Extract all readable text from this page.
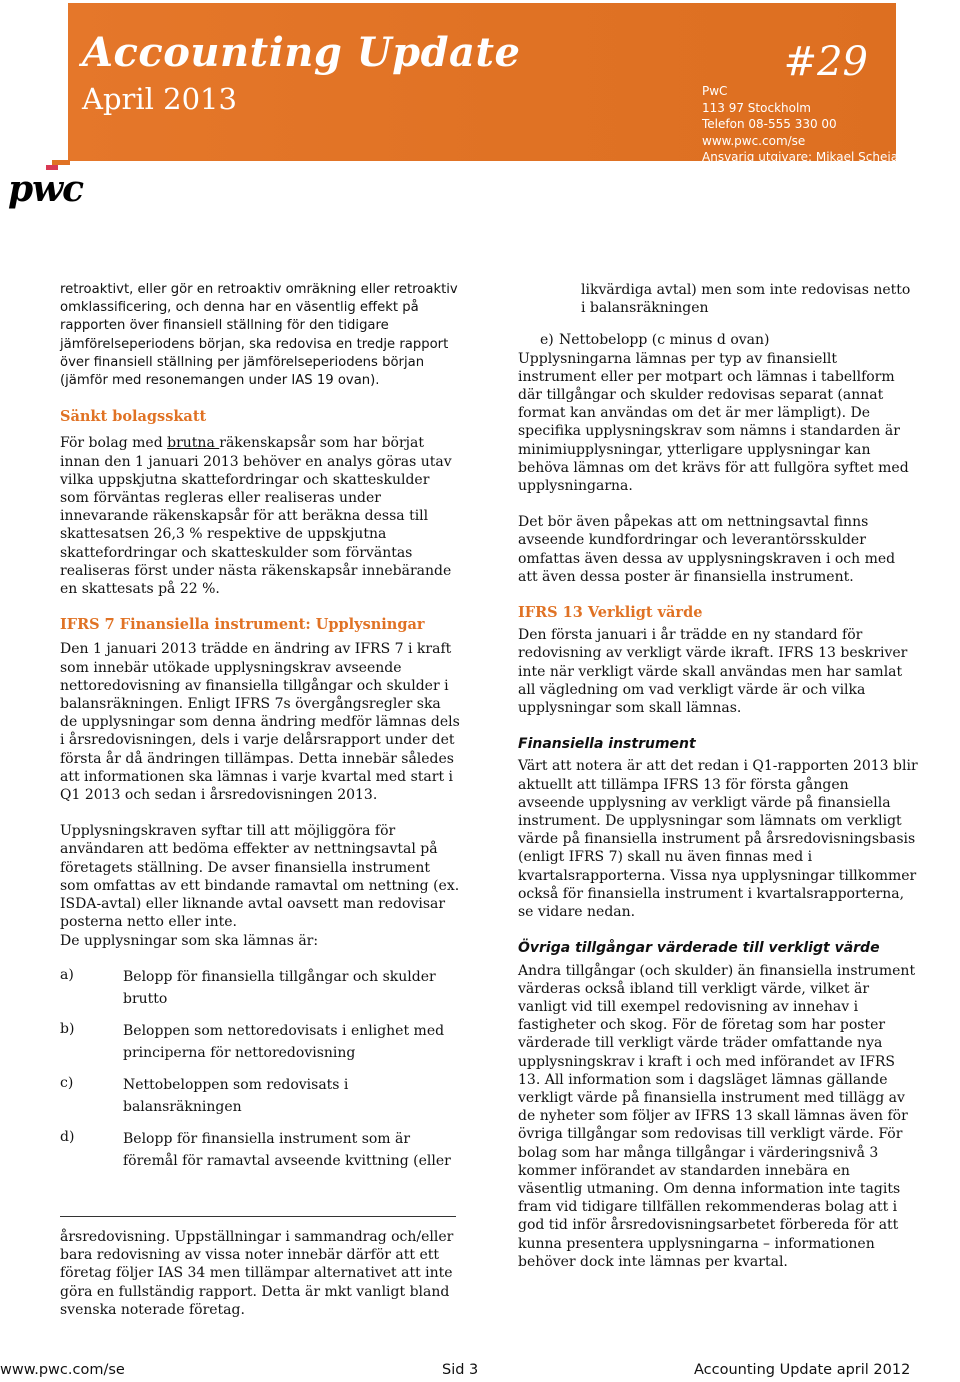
Accounting Update
April 2013
#29
PwC
113 97 Stockholm
Telefon 08-555 330 00
www.pwc.com/se
Ansvarig utgivare: Mikael Scheja
pwc

retroaktivt, eller gör en retroaktiv omräkning eller retroaktiv omklassificering, och denna har en väsentlig effekt på rapporten över finansiell ställning för den tidigare jämförelseperiodens början, ska redovisa en tredje rapport över finansiell ställning per jämförelseperiodens början (jämför med resonemangen under IAS 19 ovan).

Sänkt bolagsskatt

För bolag med brutna räkenskapsår som har börjat innan den 1 januari 2013 behöver en analys göras utav vilka uppskjutna skattefordringar och skatteskulder som förväntas regleras eller realiseras under innevarande räkenskapsår för att beräkna dessa till skattesatsen 26,3 % respektive de uppskjutna skattefordringar och skatteskulder som förväntas realiseras först under nästa räkenskapsår innebärande en skattesats på 22 %.

IFRS 7 Finansiella instrument: Upplysningar

Den 1 januari 2013 trädde en ändring av IFRS 7 i kraft som innebär utökade upplysningskrav avseende nettoredovisning av finansiella tillgångar och skulder i balansräkningen. Enligt IFRS 7s övergångsregler ska de upplysningar som denna ändring medför lämnas dels i årsredovisningen, dels i varje delårsrapport under det första år då ändringen tillämpas. Detta innebär således att informationen ska lämnas i varje kvartal med start i Q1 2013 och sedan i årsredovisningen 2013.

Upplysningskraven syftar till att möjliggöra för användaren att bedöma effekter av nettningsavtal på företagets ställning. De avser finansiella instrument som omfattas av ett bindande ramavtal om nettning (ex. ISDA-avtal) eller liknande avtal oavsett man redovisar posterna netto eller inte.

De upplysningar som ska lämnas är:

a)	Belopp för finansiella tillgångar och skulder brutto
b)	Beloppen som nettoredovisats i enlighet med principerna för nettoredovisning
c)	Nettobeloppen som redovisats i balansräkningen
d)	Belopp för finansiella instrument som är föremål för ramavtal avseende kvittning (eller
årsredovisning. Uppställningar i sammandrag och/eller bara redovisning av vissa noter innebär därför att ett företag följer IAS 34 men tillämpar alternativet att inte göra en fullständig rapport. Detta är mkt vanligt bland svenska noterade företag.
likvärdiga avtal) men som inte redovisas netto i balansräkningen
e) Nettobelopp (c minus d ovan)

Upplysningarna lämnas per typ av finansiellt instrument eller per motpart och lämnas i tabellform där tillgångar och skulder redovisas separat (annat format kan användas om det är mer lämpligt). De specifika upplysningskrav som nämns i standarden är minimiupplysningar, ytterligare upplysningar kan behöva lämnas om det krävs för att fullgöra syftet med upplysningarna.

Det bör även påpekas att om nettningsavtal finns avseende kundfordringar och leverantörsskulder omfattas även dessa av upplysningskraven i och med att även dessa poster är finansiella instrument.

IFRS 13 Verkligt värde

Den första januari i år trädde en ny standard för redovisning av verkligt värde ikraft. IFRS 13 beskriver inte när verkligt värde skall användas men har samlat all vägledning om vad verkligt värde är och vilka upplysningar som skall lämnas.

Finansiella instrument

Värt att notera är att det redan i Q1-rapporten 2013 blir aktuellt att tillämpa IFRS 13 för första gången avseende upplysning av verkligt värde på finansiella instrument. De upplysningar som lämnats om verkligt värde på finansiella instrument på årsredovisningsbasis (enligt IFRS 7) skall nu även finnas med i kvartalsrapporterna. Vissa nya upplysningar tillkommer också för finansiella instrument i kvartalsrapporterna, se vidare nedan.

Övriga tillgångar värderade till verkligt värde

Andra tillgångar (och skulder) än finansiella instrument värderas också ibland till verkligt värde, vilket är vanligt vid till exempel redovisning av innehav i fastigheter och skog. För de företag som har poster värderade till verkligt värde träder omfattande nya upplysningskrav i kraft i och med införandet av IFRS 13. All information som i dagsläget lämnas gällande verkligt värde på finansiella instrument med tillägg av de nyheter som följer av IFRS 13 skall lämnas även för övriga tillgångar som redovisas till verkligt värde. För bolag som har många tillgångar i värderingsnivå 3 kommer införandet av standarden innebära en väsentlig utmaning. Om denna information inte tagits fram vid tidigare tillfällen rekommenderas bolag att i god tid inför årsredovisningsarbetet förbereda för att kunna presentera upplysningarna – informationen behöver dock inte lämnas per kvartal.

www.pwc.com/se	Sid 3	Accounting Update april 2012
